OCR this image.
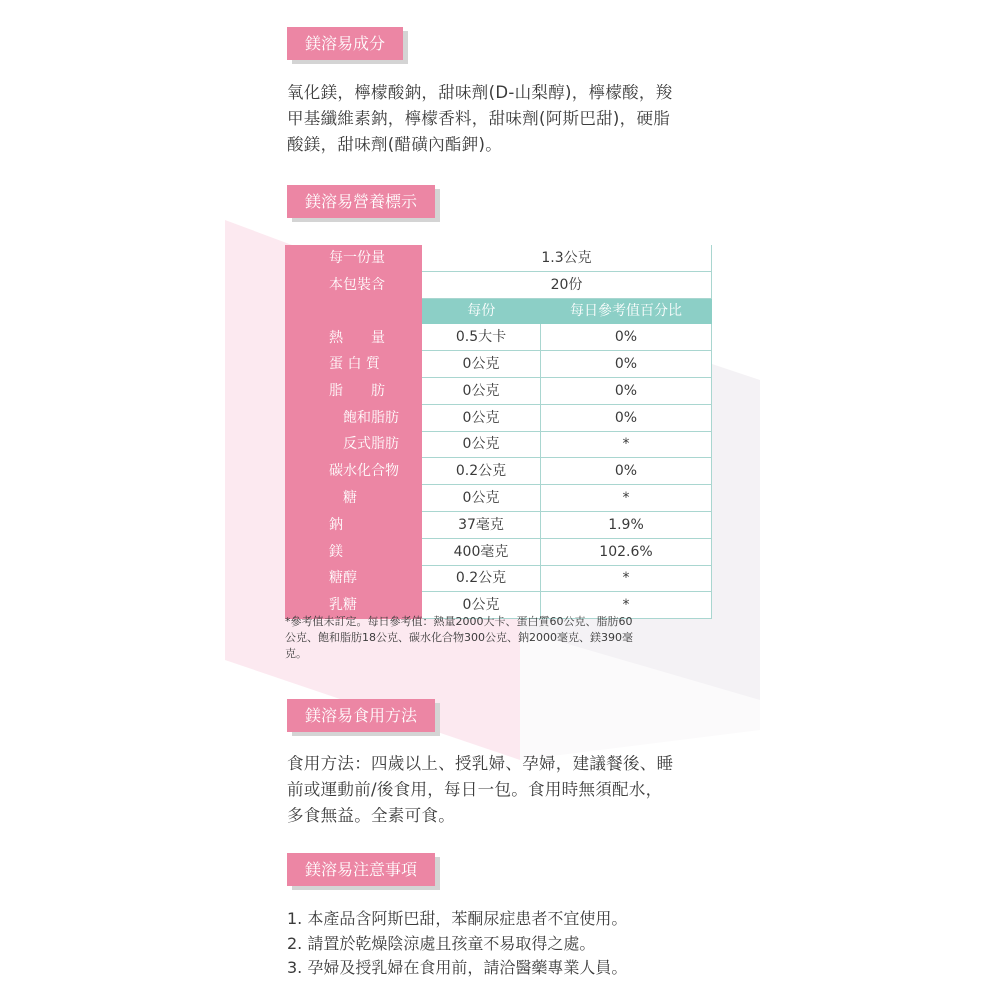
鎂溶易成分
氧化鎂，檸檬酸鈉，甜味劑(D-山梨醇)，檸檬酸，羧
甲基纖維素鈉，檸檬香料，甜味劑(阿斯巴甜)，硬脂
酸鎂，甜味劑(醋磺內酯鉀)。
鎂溶易營養標示
每一份量	1.3公克	
本包裝含	20份	
	每份	每日參考值百分比
熱　　量	0.5大卡	0%
蛋 白 質	0公克	0%
脂　　肪	0公克	0%
飽和脂肪	0公克	0%
反式脂肪	0公克	*
碳水化合物	0.2公克	0%
糖	0公克	*
鈉	37毫克	1.9%
鎂	400毫克	102.6%
糖醇	0.2公克	*
乳糖	0公克	*
*參考值未訂定。每日參考值：熱量2000大卡、蛋白質60公克、脂肪60
公克、飽和脂肪18公克、碳水化合物300公克、鈉2000毫克、鎂390毫
克。
鎂溶易食用方法
食用方法：四歲以上、授乳婦、孕婦，建議餐後、睡
前或運動前/後食用，每日一包。食用時無須配水，
多食無益。全素可食。
鎂溶易注意事項
1. 本產品含阿斯巴甜，苯酮尿症患者不宜使用。
2. 請置於乾燥陰涼處且孩童不易取得之處。
3. 孕婦及授乳婦在食用前，請洽醫藥專業人員。
